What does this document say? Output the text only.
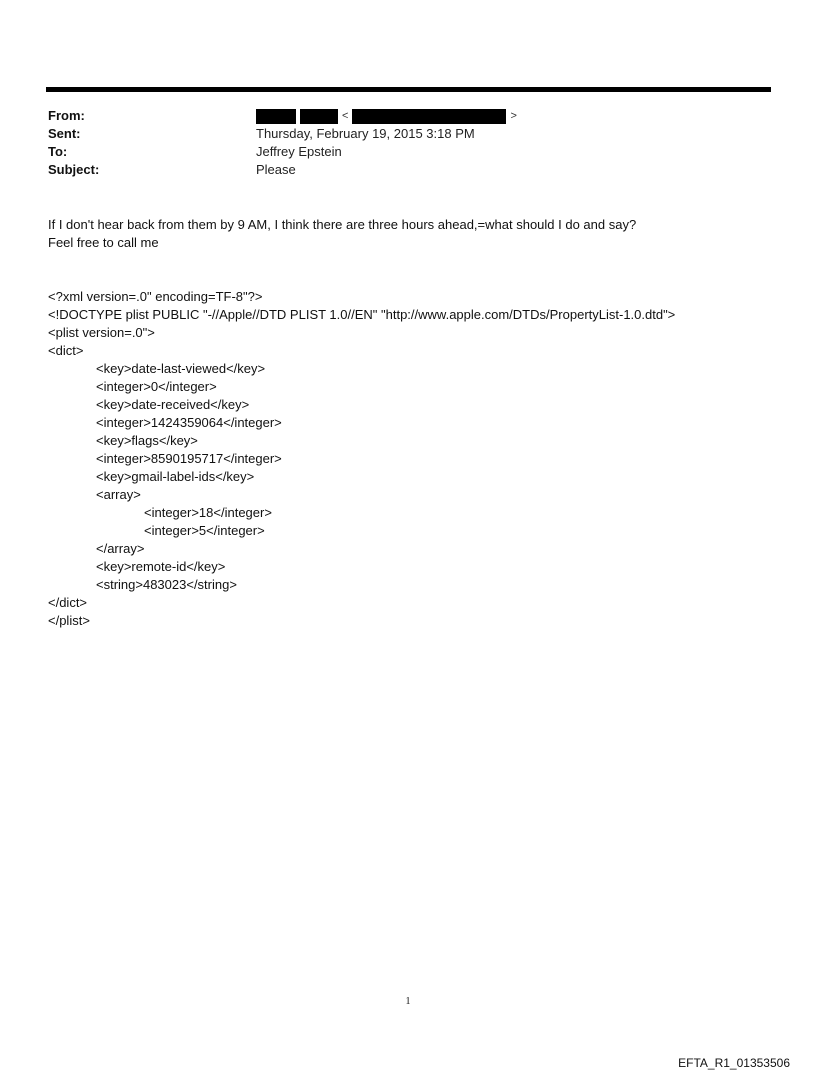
From:	<	>
Sent:	Thursday, February 19, 2015 3:18 PM
To:	Jeffrey Epstein
Subject:	Please
If I don't hear back from them by 9 AM, I think there are three hours ahead,=what should I do and say?
Feel free to call me
<?xml version=.0" encoding=TF-8"?>
<!DOCTYPE plist PUBLIC "-//Apple//DTD PLIST 1.0//EN" "http://www.apple.com/DTDs/PropertyList-1.0.dtd">
<plist version=.0">
<dict>
<key>date-last-viewed</key>
<integer>0</integer>
<key>date-received</key>
<integer>1424359064</integer>
<key>flags</key>
<integer>8590195717</integer>
<key>gmail-label-ids</key>
<array>
<integer>18</integer>
<integer>5</integer>
</array>
<key>remote-id</key>
<string>483023</string>
</dict>
</plist>
1
EFTA_R1_01353506
